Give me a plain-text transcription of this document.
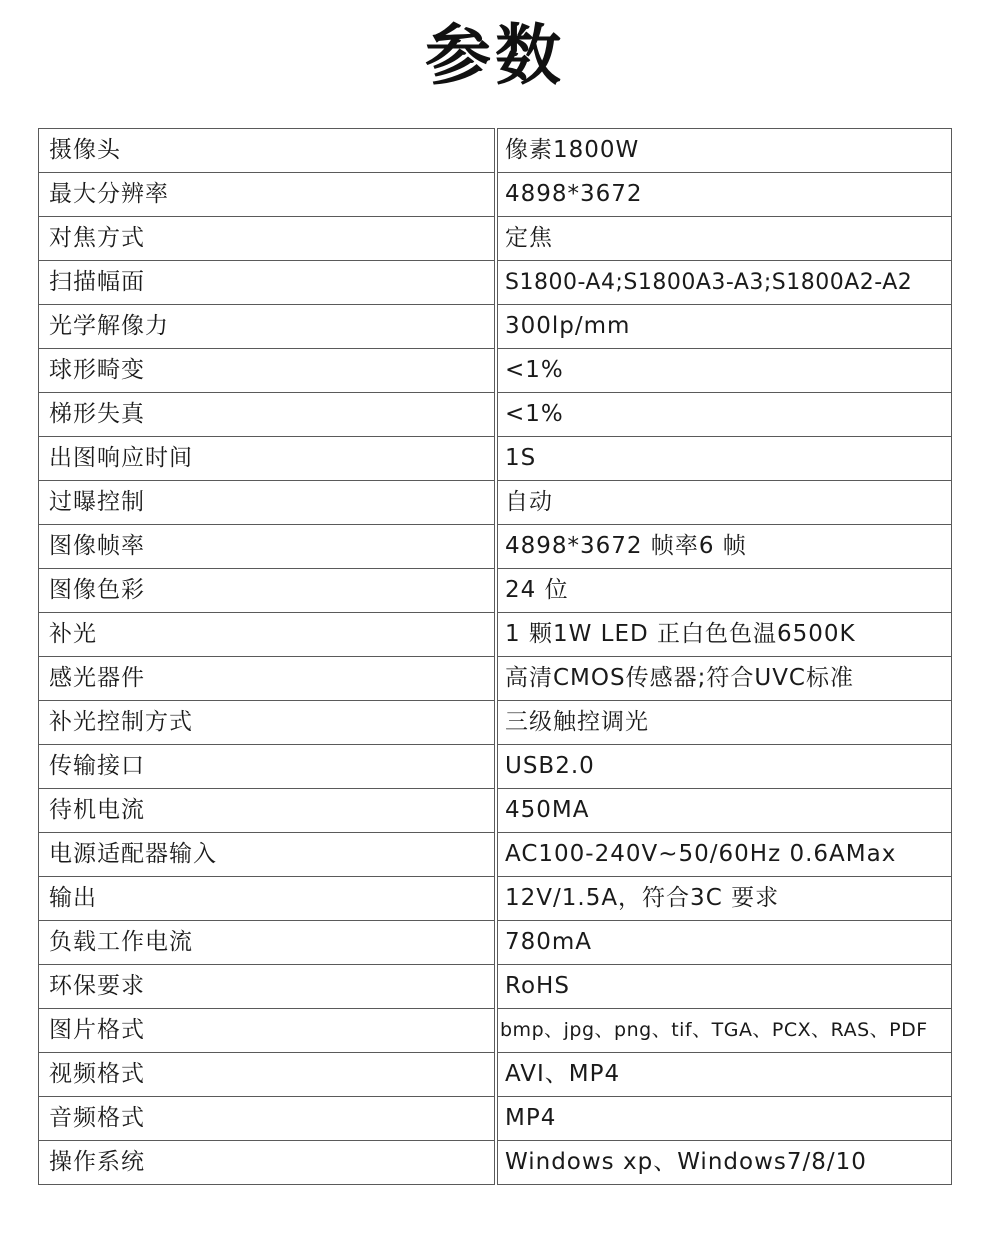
参数
摄像头		像素1800W
最大分辨率		4898*3672
对焦方式		定焦
扫描幅面		S1800-A4;S1800A3-A3;S1800A2-A2
光学解像力		300lp/mm
球形畸变		<1%
梯形失真		<1%
出图响应时间		1S
过曝控制		自动
图像帧率		4898*3672 帧率6 帧
图像色彩		24 位
补光		1 颗1W LED 正白色色温6500K
感光器件		高清CMOS传感器;符合UVC标准
补光控制方式		三级触控调光
传输接口		USB2.0
待机电流		450MA
电源适配器输入		AC100-240V~50/60Hz 0.6AMax
输出		12V/1.5A，符合3C 要求
负载工作电流		780mA
环保要求		RoHS
图片格式		bmp、jpg、png、tif、TGA、PCX、RAS、PDF
视频格式		AVI、MP4
音频格式		MP4
操作系统		Windows xp、Windows7/8/10
